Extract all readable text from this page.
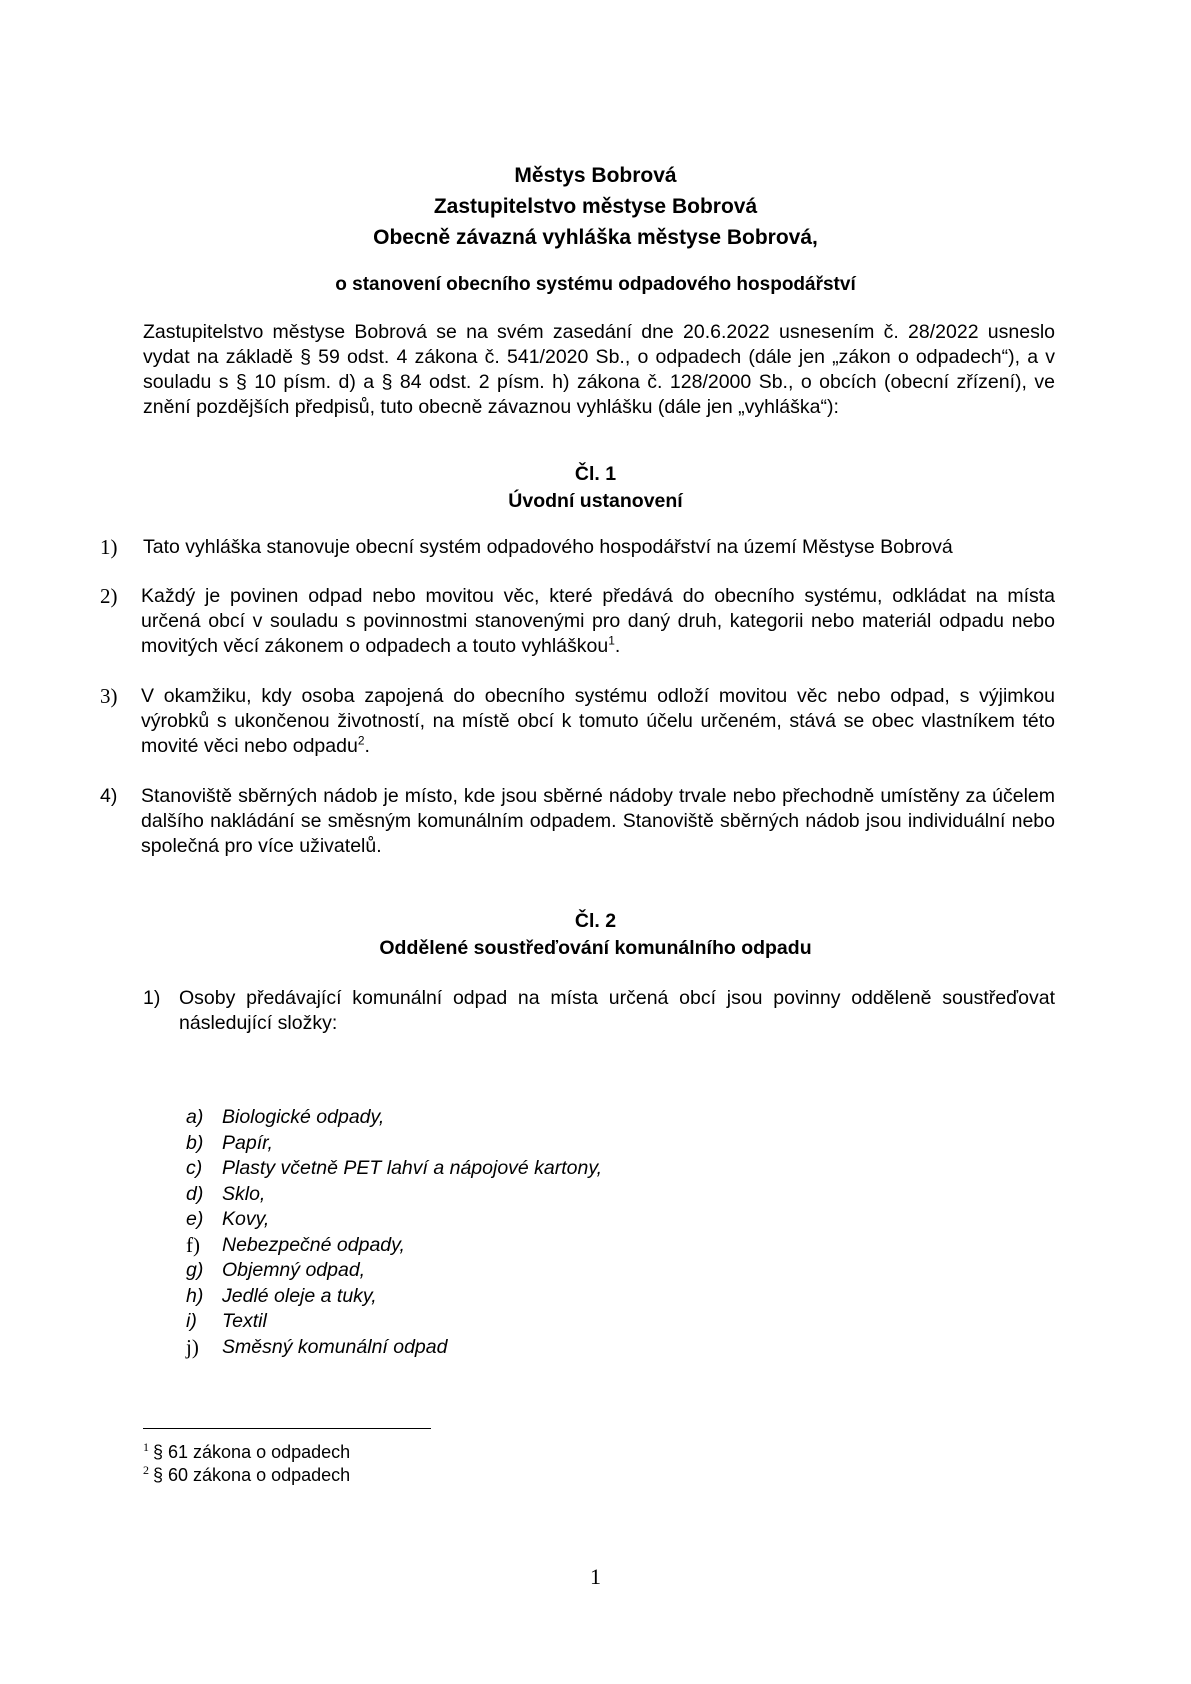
Městys Bobrová
Zastupitelstvo městyse Bobrová
Obecně závazná vyhláška městyse Bobrová,
o stanovení obecního systému odpadového hospodářství
Zastupitelstvo městyse Bobrová se na svém zasedání dne 20.6.2022 usnesením č. 28/2022 usneslo vydat na základě § 59 odst. 4 zákona č. 541/2020 Sb., o odpadech (dále jen „zákon o odpadech“), a v souladu s § 10 písm. d) a § 84 odst. 2 písm. h) zákona č. 128/2000 Sb., o obcích (obecní zřízení), ve znění pozdějších předpisů, tuto obecně závaznou vyhlášku (dále jen „vyhláška“):
Čl. 1
Úvodní ustanovení
1) Tato vyhláška stanovuje obecní systém odpadového hospodářství na území Městyse Bobrová
2) Každý je povinen odpad nebo movitou věc, které předává do obecního systému, odkládat na místa určená obcí v souladu s povinnostmi stanovenými pro daný druh, kategorii nebo materiál odpadu nebo movitých věcí zákonem o odpadech a touto vyhláškou$^1$.
3) V okamžiku, kdy osoba zapojená do obecního systému odloží movitou věc nebo odpad, s výjimkou výrobků s ukončenou životností, na místě obcí k tomuto účelu určeném, stává se obec vlastníkem této movité věci nebo odpadu$^2$.
4) Stanoviště sběrných nádob je místo, kde jsou sběrné nádoby trvale nebo přechodně umístěny za účelem dalšího nakládání se směsným komunálním odpadem. Stanoviště sběrných nádob jsou individuální nebo společná pro více uživatelů.
Čl. 2
Oddělené soustřeďování komunálního odpadu
1) Osoby předávající komunální odpad na místa určená obcí jsou povinny odděleně soustřeďovat následující složky:
a) Biologické odpady,
b) Papír,
c)	Plasty včetně PET lahví a nápojové kartony,
d) Sklo,
e) Kovy,
f)	Nebezpečné odpady,
g) Objemný odpad,
h) Jedlé oleje a tuky,
i)	Textil
j)	Směsný komunální odpad
$^1$ § 61 zákona o odpadech
$^2$ § 60 zákona o odpadech
1
